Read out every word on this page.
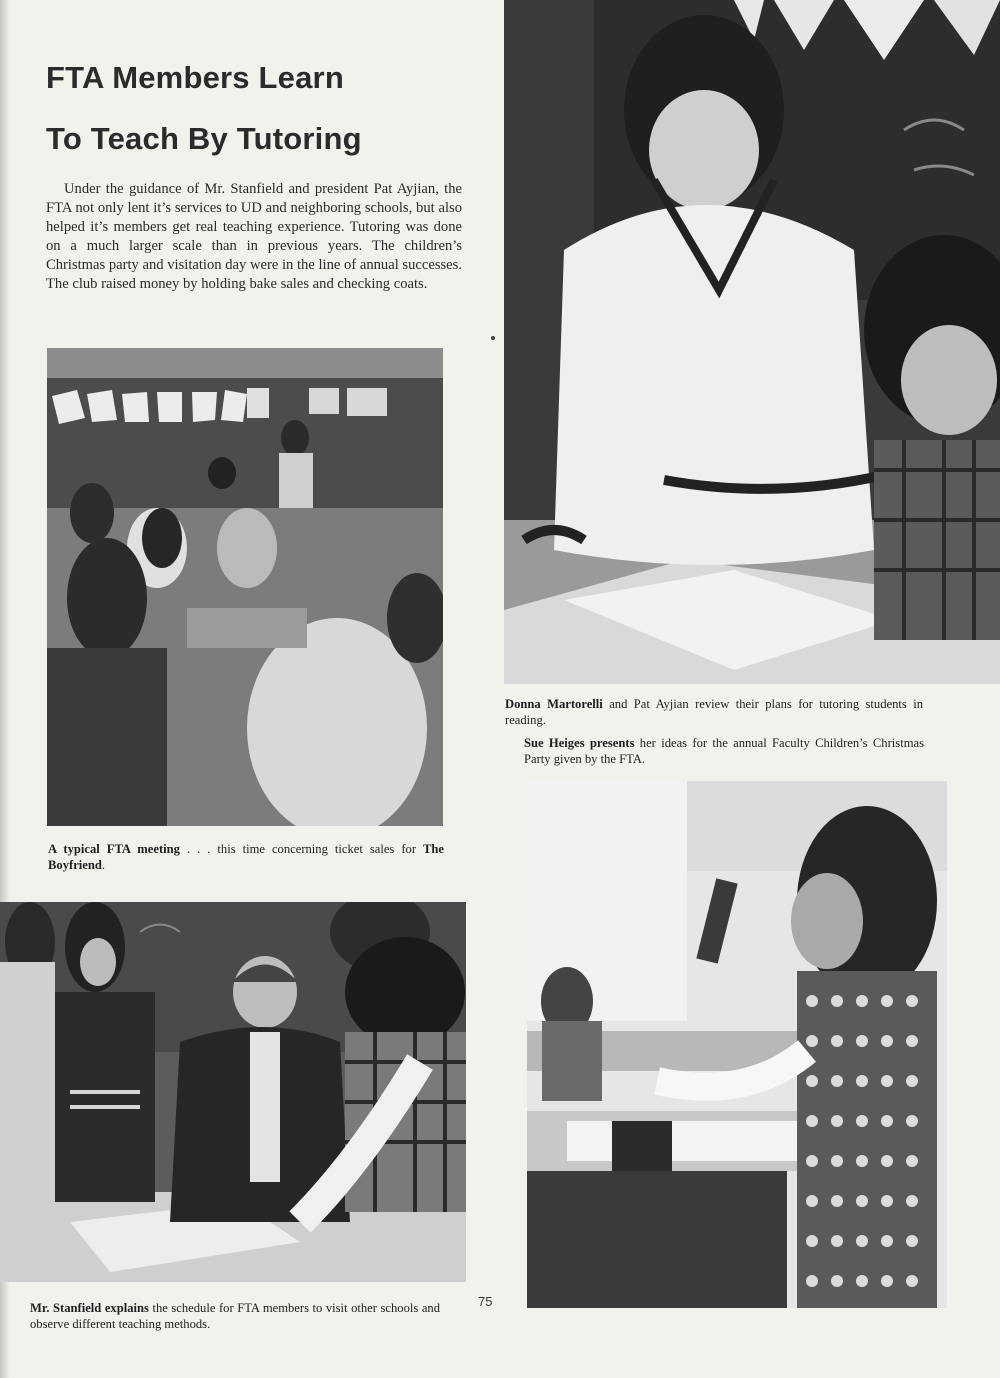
FTA Members Learn
To Teach By Tutoring

Under the guidance of Mr. Stanfield and president Pat Ayjian, the FTA not only lent it’s services to UD and neighboring schools, but also helped it’s members get real teaching experience. Tutoring was done on a much larger scale than in previous years. The children’s Christmas party and visitation day were in the line of annual successes. The club raised money by holding bake sales and checking coats.

A typical FTA meeting . . . this time concerning ticket sales for The Boyfriend.

Donna Martorelli and Pat Ayjian review their plans for tutoring students in reading.

Sue Heiges presents her ideas for the annual Faculty Children’s Christmas Party given by the FTA.

Mr. Stanfield explains the schedule for FTA members to visit other schools and observe different teaching methods.

75
